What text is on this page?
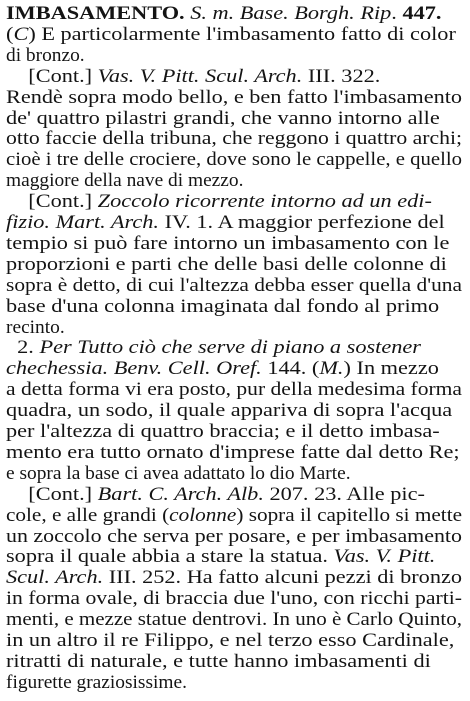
IMBASAMENTO. S. m. Base. Borgh. Rip. 447.
(C) E particolarmente l'imbasamento fatto di color
di bronzo.
[Cont.] Vas. V. Pitt. Scul. Arch. III. 322.
Rendè sopra modo bello, e ben fatto l'imbasamento
de' quattro pilastri grandi, che vanno intorno alle
otto faccie della tribuna, che reggono i quattro archi;
cioè i tre delle crociere, dove sono le cappelle, e quello
maggiore della nave di mezzo.
[Cont.] Zoccolo ricorrente intorno ad un edi-
fizio. Mart. Arch. IV. 1. A maggior perfezione del
tempio si può fare intorno un imbasamento con le
proporzioni e parti che delle basi delle colonne di
sopra è detto, di cui l'altezza debba esser quella d'una
base d'una colonna imaginata dal fondo al primo
recinto.
2. Per Tutto ciò che serve di piano a sostener
chechessia. Benv. Cell. Oref. 144. (M.) In mezzo
a detta forma vi era posto, pur della medesima forma
quadra, un sodo, il quale appariva di sopra l'acqua
per l'altezza di quattro braccia; e il detto imbasa-
mento era tutto ornato d'imprese fatte dal detto Re;
e sopra la base ci avea adattato lo dio Marte.
[Cont.] Bart. C. Arch. Alb. 207. 23. Alle pic-
cole, e alle grandi (colonne) sopra il capitello si mette
un zoccolo che serva per posare, e per imbasamento
sopra il quale abbia a stare la statua. Vas. V. Pitt.
Scul. Arch. III. 252. Ha fatto alcuni pezzi di bronzo
in forma ovale, di braccia due l'uno, con ricchi parti-
menti, e mezze statue dentrovi. In uno è Carlo Quinto,
in un altro il re Filippo, e nel terzo esso Cardinale,
ritratti di naturale, e tutte hanno imbasamenti di
figurette graziosissime.
